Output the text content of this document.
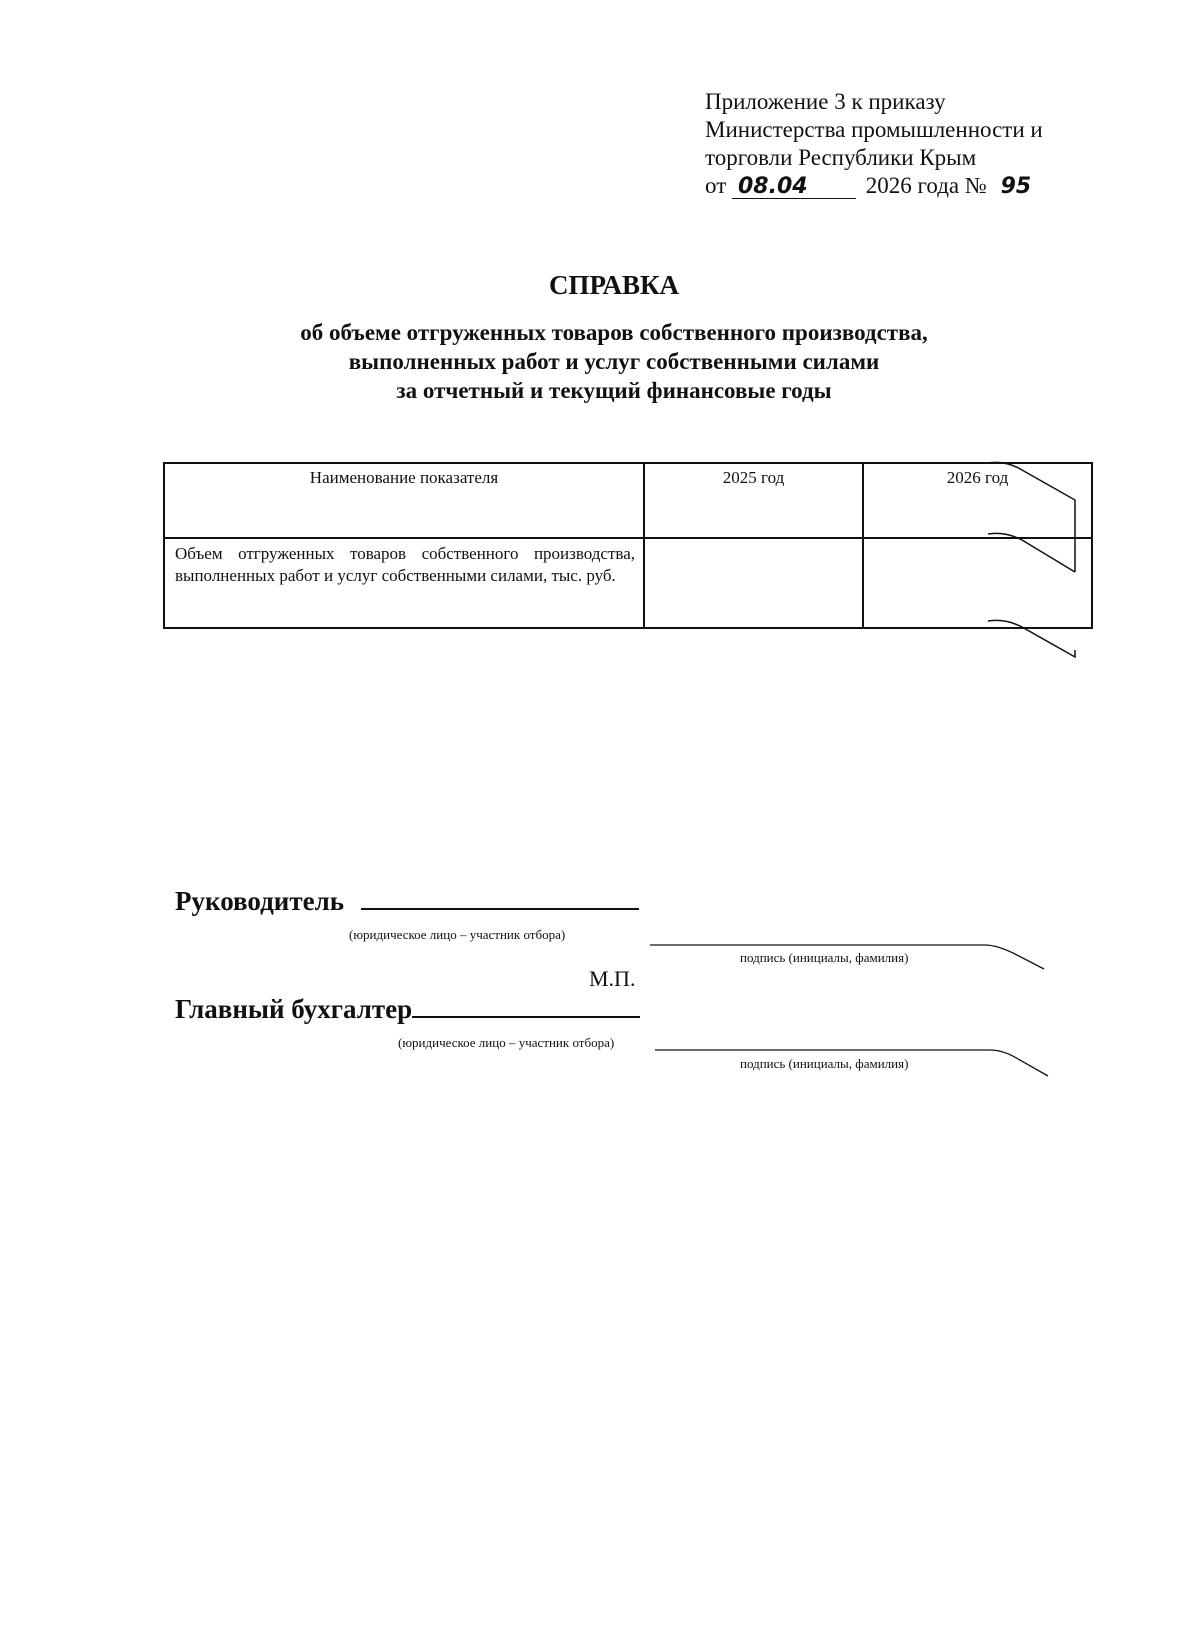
Приложение 3 к приказу
Министерства промышленности и
торговли Республики Крым
от 08.04	2026 года № 95
СПРАВКА
об объеме отгруженных товаров собственного производства,
выполненных работ и услуг собственными силами
за отчетный и текущий финансовые годы
Наименование показателя	2025 год	2026 год
Объем отгруженных товаров собственного производства, выполненных работ и услуг собственными силами, тыс. руб.		
Руководитель
(юридическое лицо – участник отбора)
подпись (инициалы, фамилия)
М.П.
Главный бухгалтер
(юридическое лицо – участник отбора)
подпись (инициалы, фамилия)
